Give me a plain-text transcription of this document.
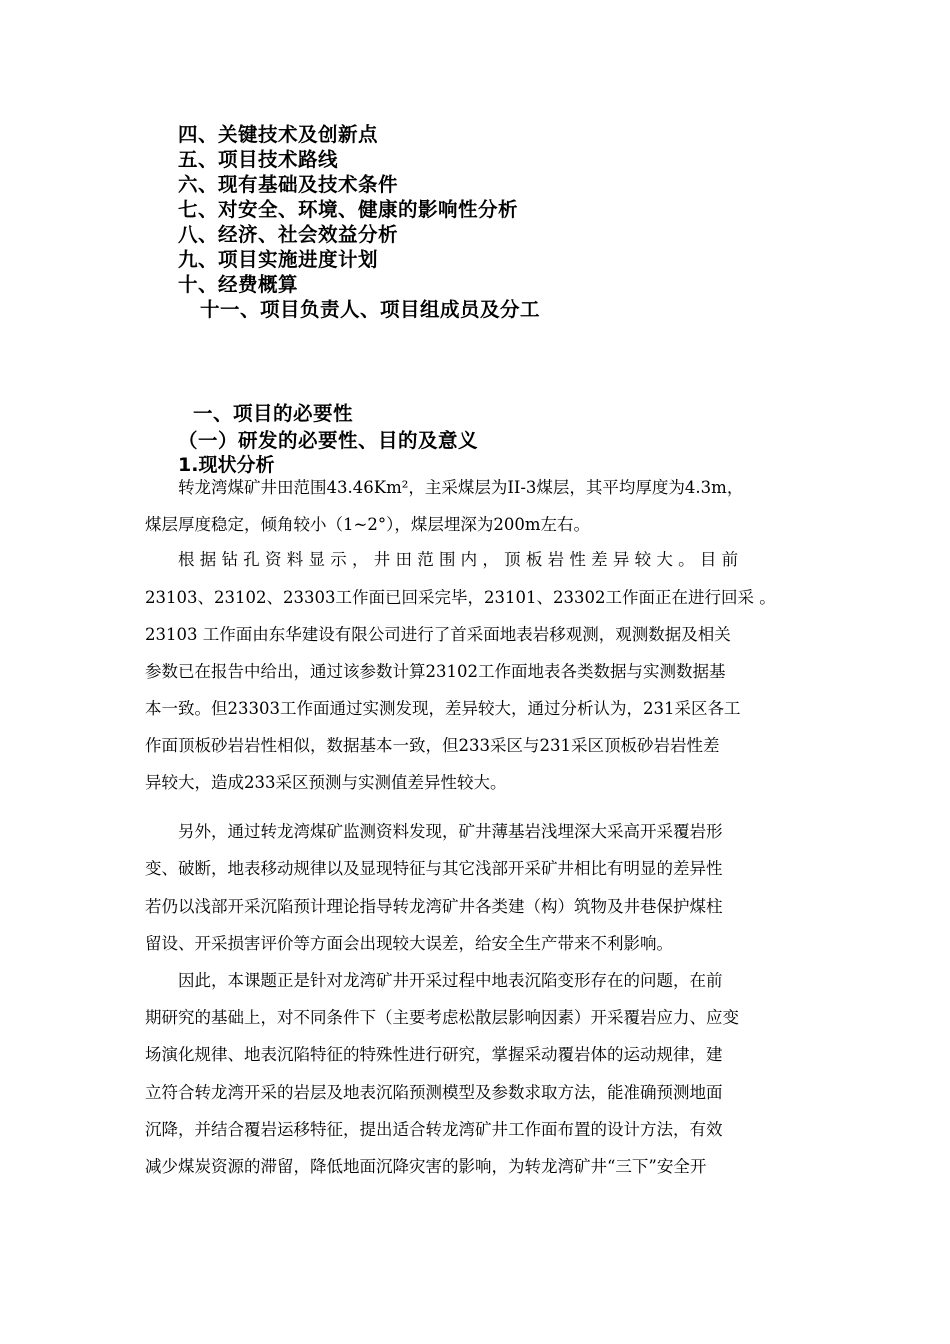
四、关键技术及创新点
五、项目技术路线
六、现有基础及技术条件
七、对安全、环境、健康的影响性分析
八、经济、社会效益分析
九、项目实施进度计划
十、经费概算
十一、项目负责人、项目组成员及分工
一、项目的必要性
（一）研发的必要性、目的及意义
1.现状分析
转龙湾煤矿井田范围43.46Km²，主采煤层为II-3煤层，其平均厚度为4.3m，
煤层厚度稳定，倾角较小（1~2°），煤层埋深为200m左右。
根 据 钻 孔 资 料 显 示 ， 井 田 范 围 内 ， 顶 板 岩 性 差 异 较 大 。 目 前
23103、23102、23303工作面已回采完毕，23101、23302工作面正在进行回采 。
23103 工作面由东华建设有限公司进行了首采面地表岩移观测，观测数据及相关
参数已在报告中给出，通过该参数计算23102工作面地表各类数据与实测数据基
本一致。但23303工作面通过实测发现，差异较大，通过分析认为，231采区各工
作面顶板砂岩岩性相似，数据基本一致，但233采区与231采区顶板砂岩岩性差
异较大，造成233采区预测与实测值差异性较大。
另外，通过转龙湾煤矿监测资料发现，矿井薄基岩浅埋深大采高开采覆岩形
变、破断，地表移动规律以及显现特征与其它浅部开采矿井相比有明显的差异性
若仍以浅部开采沉陷预计理论指导转龙湾矿井各类建（构）筑物及井巷保护煤柱
留设、开采损害评价等方面会出现较大误差，给安全生产带来不利影响。
因此，本课题正是针对龙湾矿井开采过程中地表沉陷变形存在的问题，在前
期研究的基础上，对不同条件下（主要考虑松散层影响因素）开采覆岩应力、应变
场演化规律、地表沉陷特征的特殊性进行研究，掌握采动覆岩体的运动规律，建
立符合转龙湾开采的岩层及地表沉陷预测模型及参数求取方法，能准确预测地面
沉降，并结合覆岩运移特征，提出适合转龙湾矿井工作面布置的设计方法，有效
减少煤炭资源的滞留，降低地面沉降灾害的影响，为转龙湾矿井“三下”安全开
